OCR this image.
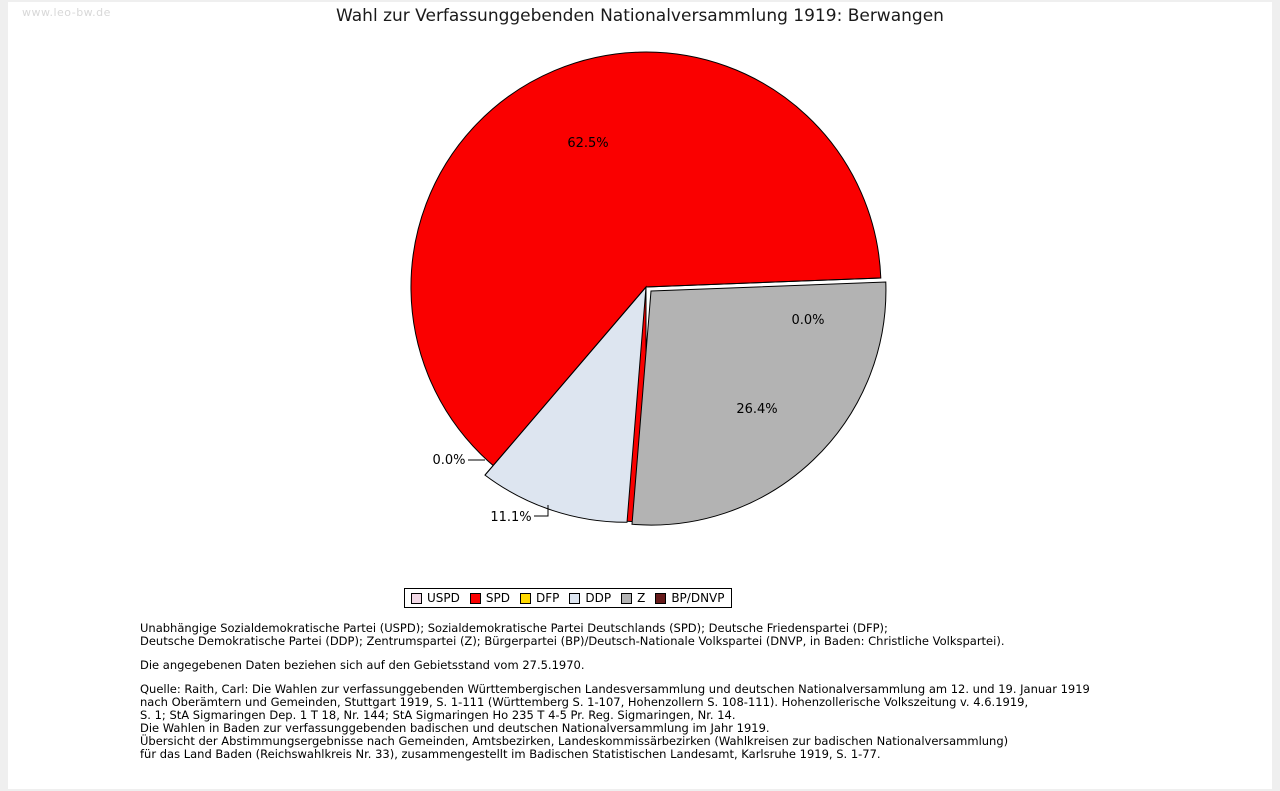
www.leo-bw.de	Wahl zur Verfassunggebenden Nationalversammlung 1919: Berwangen
62.5%
0.0%
26.4%
11.1%
0.0%
USPD SPD DFP DDP Z BP/DNVP
Unabhängige Sozialdemokratische Partei (USPD); Sozialdemokratische Partei Deutschlands (SPD); Deutsche Friedenspartei (DFP);
Deutsche Demokratische Partei (DDP); Zentrumspartei (Z); Bürgerpartei (BP)/Deutsch-Nationale Volkspartei (DNVP, in Baden: Christliche Volkspartei).
Die angegebenen Daten beziehen sich auf den Gebietsstand vom 27.5.1970.
Quelle: Raith, Carl: Die Wahlen zur verfassunggebenden Württembergischen Landesversammlung und deutschen Nationalversammlung am 12. und 19. Januar 1919
nach Oberämtern und Gemeinden, Stuttgart 1919, S. 1-111 (Württemberg S. 1-107, Hohenzollern S. 108-111). Hohenzollerische Volkszeitung v. 4.6.1919,
S. 1; StA Sigmaringen Dep. 1 T 18, Nr. 144; StA Sigmaringen Ho 235 T 4-5 Pr. Reg. Sigmaringen, Nr. 14.
Die Wahlen in Baden zur verfassunggebenden badischen und deutschen Nationalversammlung im Jahr 1919.
Übersicht der Abstimmungsergebnisse nach Gemeinden, Amtsbezirken, Landeskommissärbezirken (Wahlkreisen zur badischen Nationalversammlung)
für das Land Baden (Reichswahlkreis Nr. 33), zusammengestellt im Badischen Statistischen Landesamt, Karlsruhe 1919, S. 1-77.
